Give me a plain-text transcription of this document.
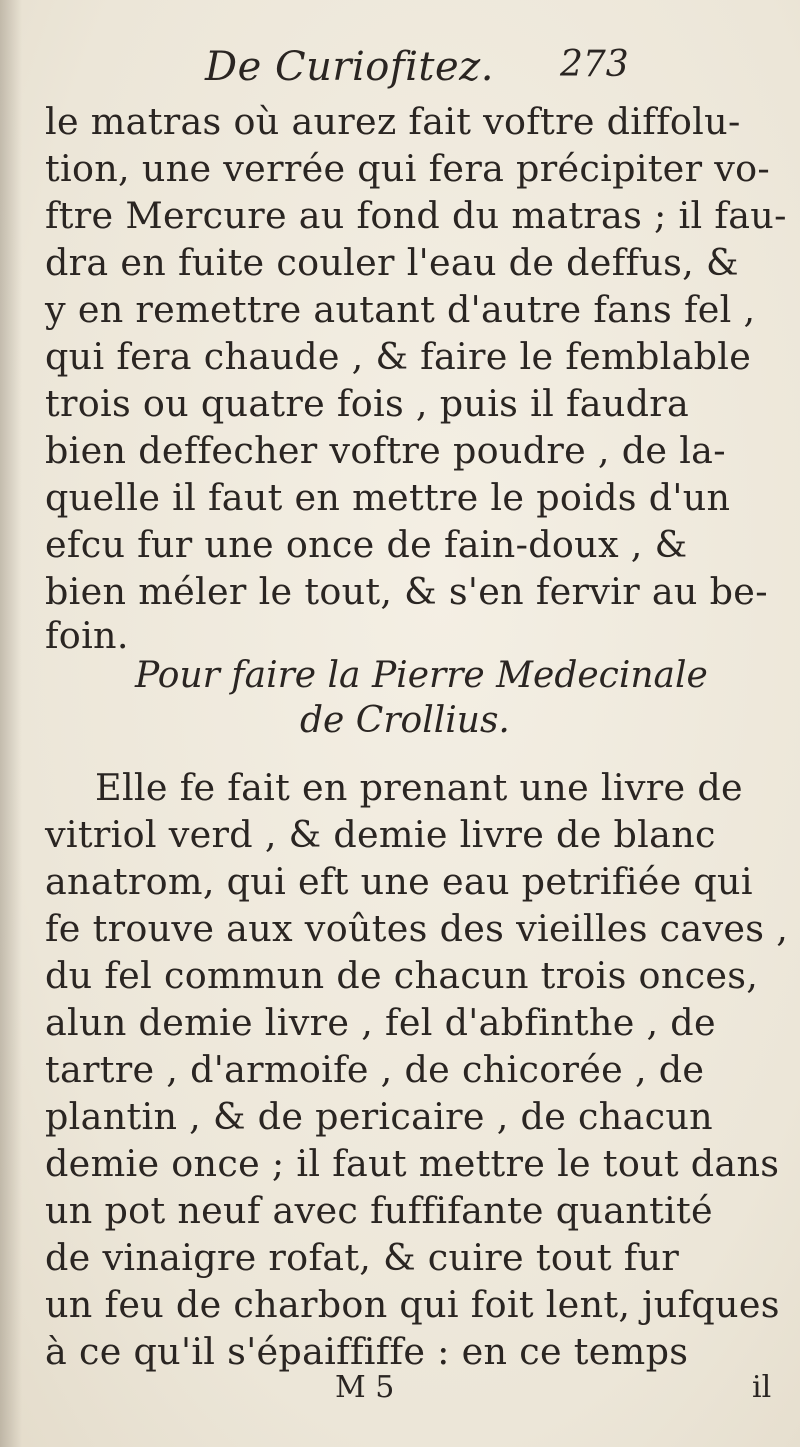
De Curiofitez. 273
le matras où aurez fait voftre diffolu-
tion, une verrée qui fera précipiter vo-
ftre Mercure au fond du matras ; il fau-
dra en fuite couler l'eau de deffus, &
y en remettre autant d'autre fans fel ,
qui fera chaude , & faire le femblable
trois ou quatre fois , puis il faudra
bien deffecher voftre poudre , de la-
quelle il faut en mettre le poids d'un
efcu fur une once de fain-doux , &
bien méler le tout, & s'en fervir au be-
foin.
Pour faire la Pierre Medecinale
de Crollius.
Elle fe fait en prenant une livre de
vitriol verd , & demie livre de blanc
anatrom, qui eft une eau petrifiée qui
fe trouve aux voûtes des vieilles caves ,
du fel commun de chacun trois onces,
alun demie livre , fel d'abfinthe , de
tartre , d'armoife , de chicorée , de
plantin , & de pericaire , de chacun
demie once ; il faut mettre le tout dans
un pot neuf avec fuffifante quantité
de vinaigre rofat, & cuire tout fur
un feu de charbon qui foit lent, jufques
à ce qu'il s'épaiffiffe : en ce temps
M 5	il
